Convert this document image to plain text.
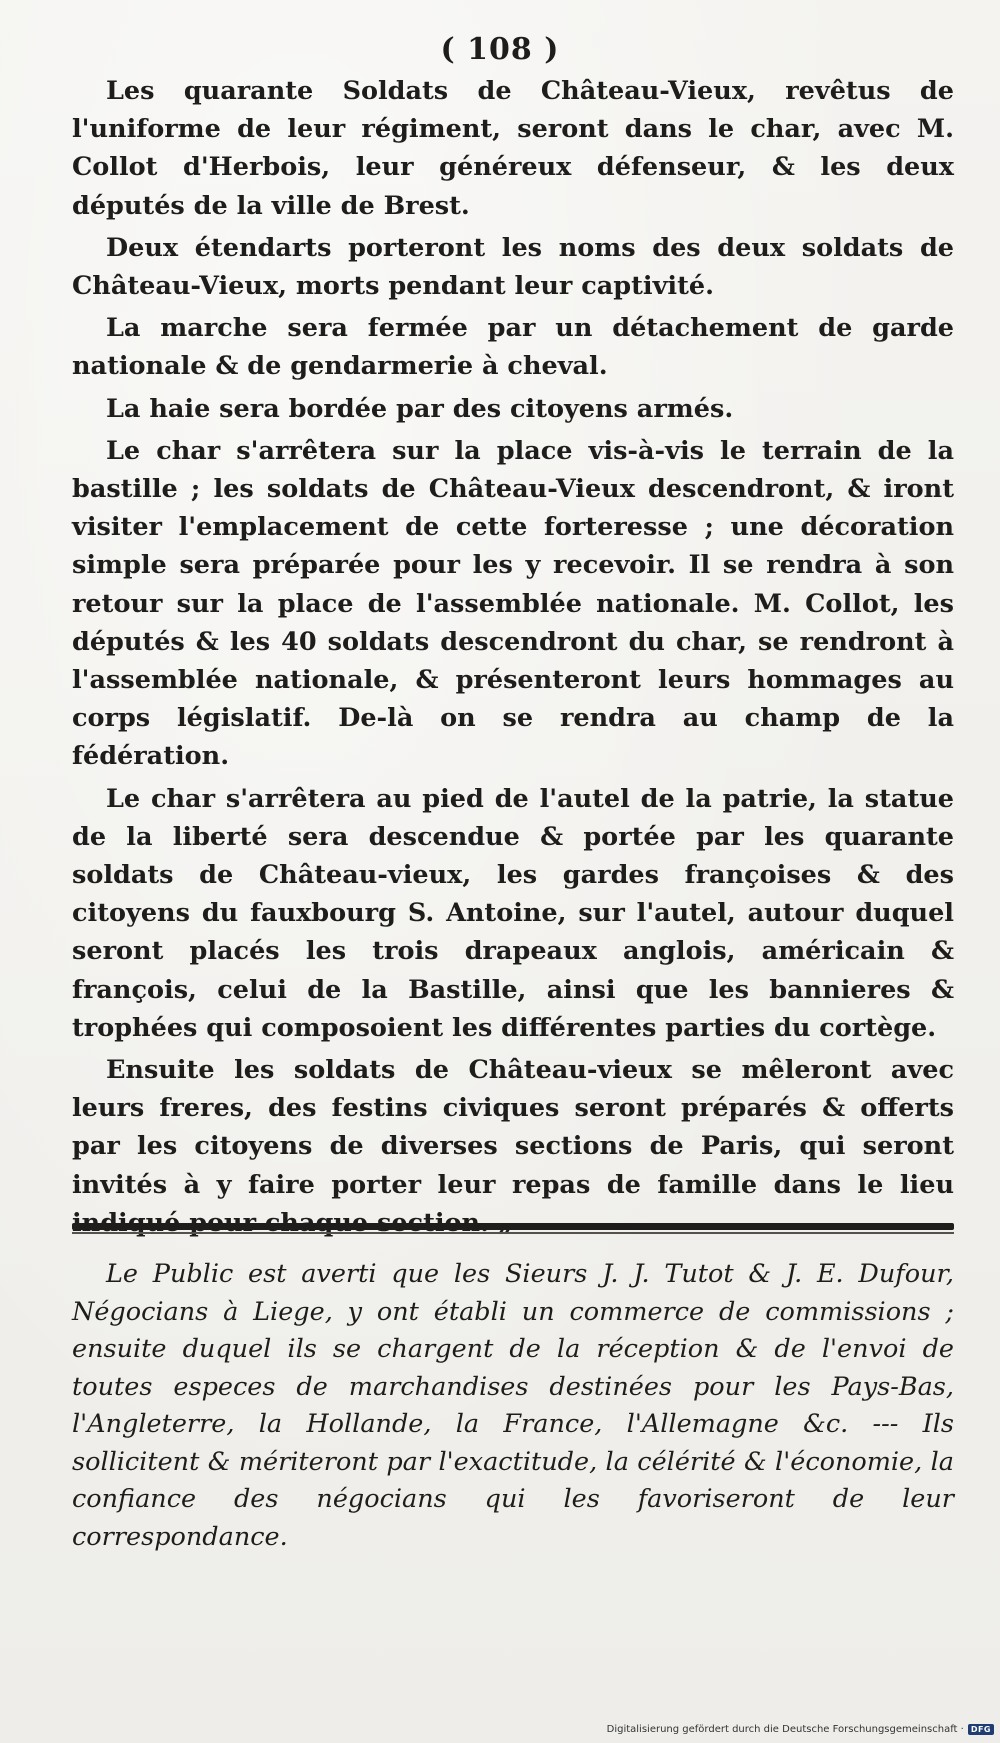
( 108 )

Les quarante Soldats de Château-Vieux, revêtus de l'uniforme de leur régiment, seront dans le char, avec M. Collot d'Herbois, leur généreux défenseur, & les deux députés de la ville de Brest.

Deux étendarts porteront les noms des deux soldats de Château-Vieux, morts pendant leur captivité.

La marche sera fermée par un détachement de garde nationale & de gendarmerie à cheval.

La haie sera bordée par des citoyens armés.

Le char s'arrêtera sur la place vis-à-vis le terrain de la bastille ; les soldats de Château-Vieux descendront, & iront visiter l'emplacement de cette forteresse ; une décoration simple sera préparée pour les y recevoir. Il se rendra à son retour sur la place de l'assemblée nationale. M. Collot, les députés & les 40 soldats descendront du char, se rendront à l'assemblée nationale, & présenteront leurs hommages au corps législatif. De-là on se rendra au champ de la fédération.

Le char s'arrêtera au pied de l'autel de la patrie, la statue de la liberté sera descendue & portée par les quarante soldats de Château-vieux, les gardes françoises & des citoyens du fauxbourg S. Antoine, sur l'autel, autour duquel seront placés les trois drapeaux anglois, américain & françois, celui de la Bastille, ainsi que les bannieres & trophées qui composoient les différentes parties du cortège.

Ensuite les soldats de Château-vieux se mêleront avec leurs freres, des festins civiques seront préparés & offerts par les citoyens de diverses sections de Paris, qui seront invités à y faire porter leur repas de famille dans le lieu

Le Public est averti que les Sieurs J. J. Tutot & J. E. Dufour, Négocians à Liege, y ont établi un commerce de commissions ; ensuite duquel ils se chargent de la réception & de l'envoi de toutes especes de marchandises destinées pour les Pays-Bas, l'Angleterre, la Hollande, la France, l'Allemagne &c. --- Ils sollicitent & mériteront par l'exactitude, la célérité & l'économie, la confiance des négocians qui les favoriseront de leur correspondance.

Digitalisierung gefördert durch die Deutsche Forschungsgemeinschaft · DFG
